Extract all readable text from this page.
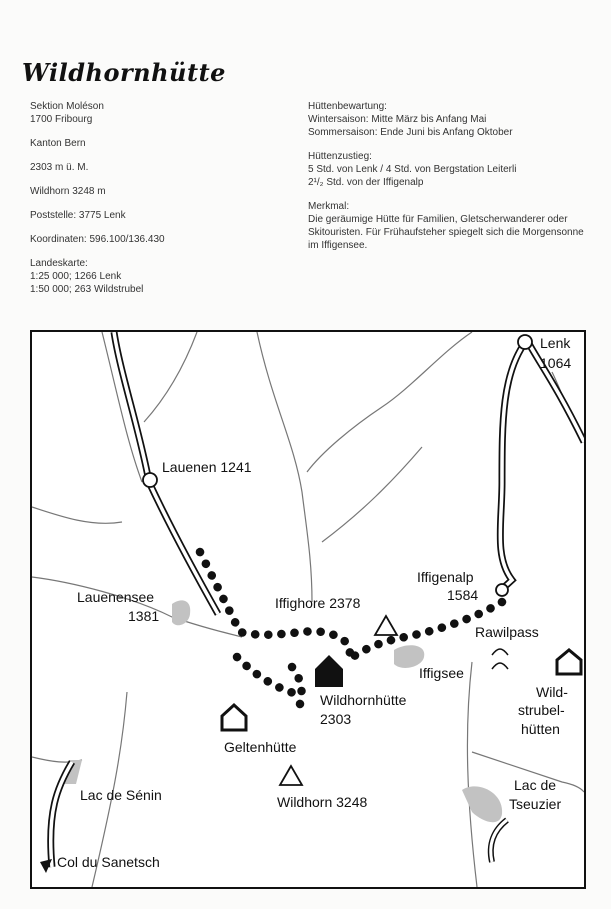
Wildhornhütte
Sektion Moléson
1700 Fribourg
Kanton Bern
2303 m ü. M.
Wildhorn 3248 m
Poststelle: 3775 Lenk
Koordinaten: 596.100/136.430
Landeskarte:
1:25 000; 1266 Lenk
1:50 000; 263 Wildstrubel
Hüttenbewartung:
Wintersaison: Mitte März bis Anfang Mai
Sommersaison: Ende Juni bis Anfang Oktober
Hüttenzustieg:
5 Std. von Lenk / 4 Std. von Bergstation Leiterli
2¹/₂ Std. von der Iffigenalp
Merkmal:
Die geräumige Hütte für Familien, Gletscherwanderer oder
Skitouristen. Für Frühaufsteher spiegelt sich die Morgensonne
im Iffigensee.
Lenk
1064
Lauenen 1241
Lauenensee
1381
Iffighore 2378
Iffigenalp
1584
Rawilpass
Iffigsee
Wildhornhütte
2303
Wild-
strubel-
hütten
Geltenhütte
Lac de Sénin	Wildhorn 3248
Lac de
Tseuzier
Col du Sanetsch
